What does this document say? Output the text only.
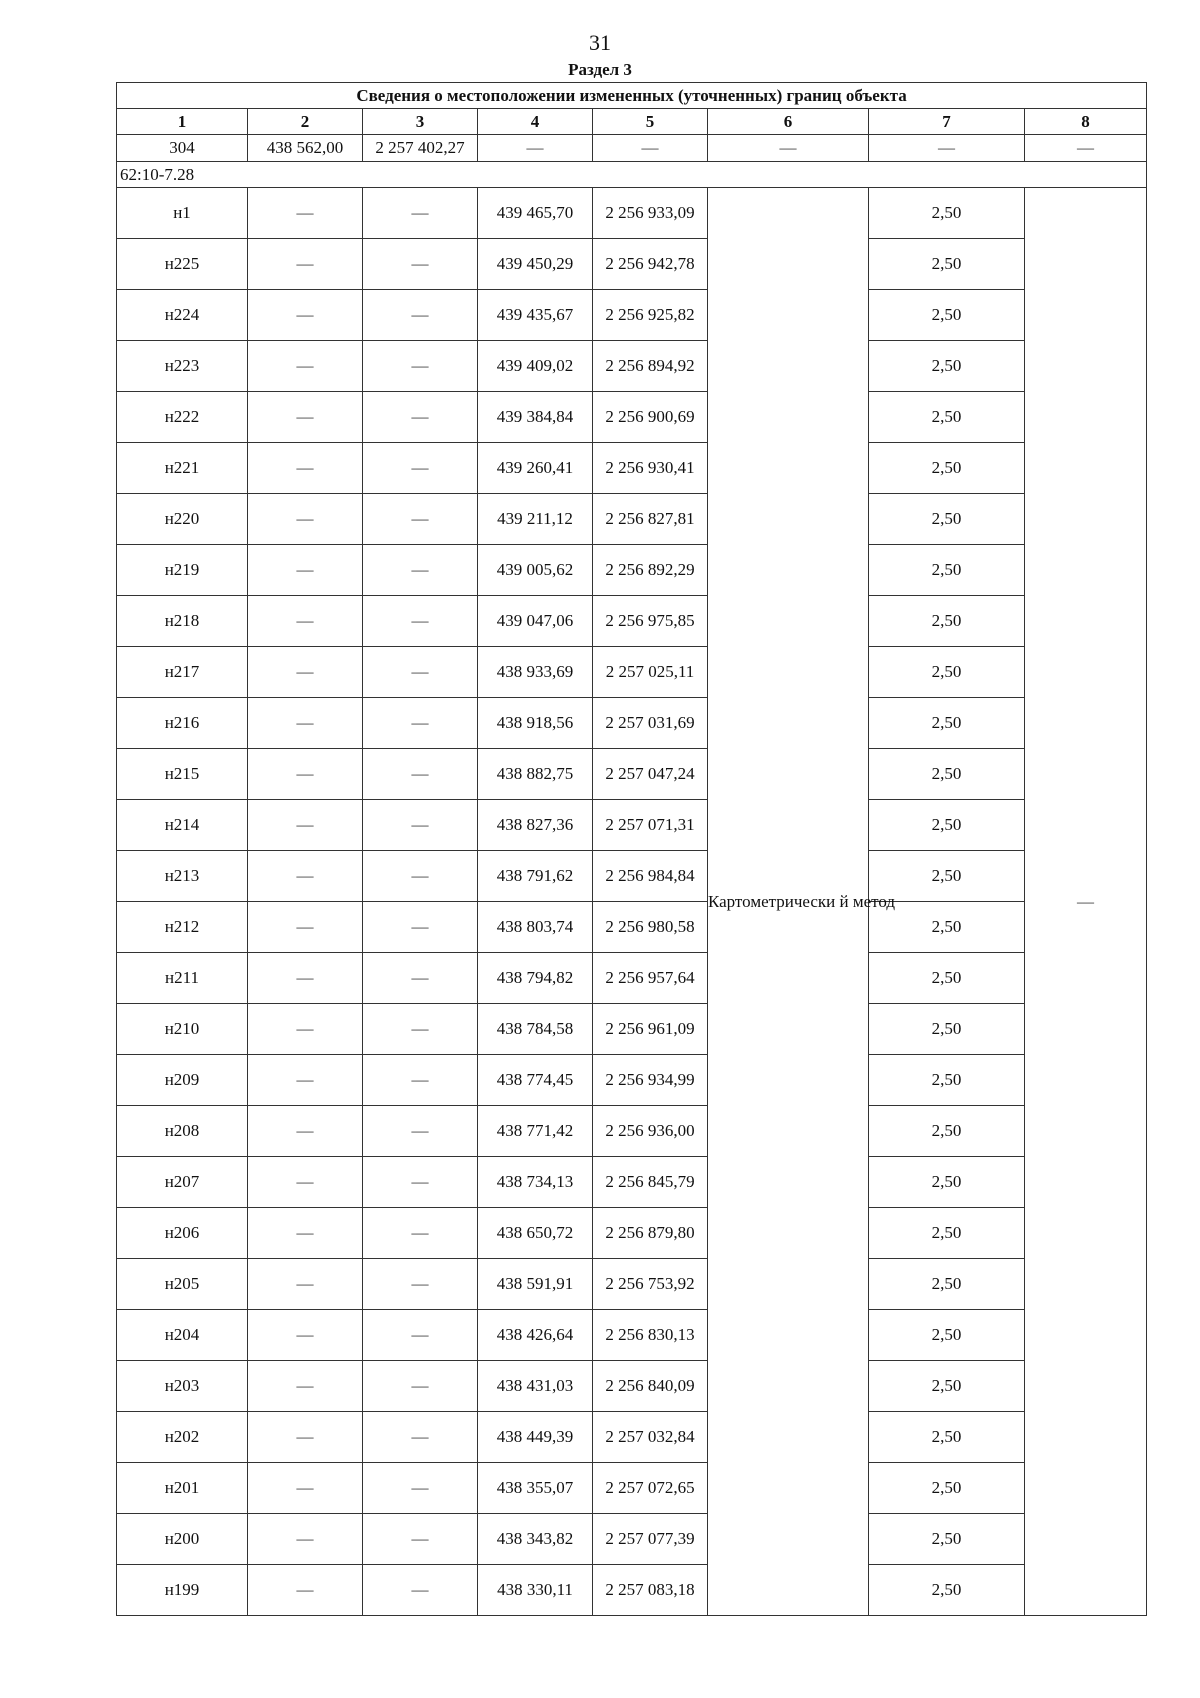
31
Раздел 3
Сведения о местоположении измененных (уточненных) границ объекта							
1	2	3	4	5	6	7	8
304	438 562,00	2 257 402,27	—	—	—	—	—
62:10-7.28							
н1	—	—	439 465,70	2 256 933,09	Картометрически й метод	2,50	—
н225	—	—	439 450,29	2 256 942,78		2,50	
н224	—	—	439 435,67	2 256 925,82		2,50	
н223	—	—	439 409,02	2 256 894,92		2,50	
н222	—	—	439 384,84	2 256 900,69		2,50	
н221	—	—	439 260,41	2 256 930,41		2,50	
н220	—	—	439 211,12	2 256 827,81		2,50	
н219	—	—	439 005,62	2 256 892,29		2,50	
н218	—	—	439 047,06	2 256 975,85		2,50	
н217	—	—	438 933,69	2 257 025,11		2,50	
н216	—	—	438 918,56	2 257 031,69		2,50	
н215	—	—	438 882,75	2 257 047,24		2,50	
н214	—	—	438 827,36	2 257 071,31		2,50	
н213	—	—	438 791,62	2 256 984,84		2,50	
н212	—	—	438 803,74	2 256 980,58		2,50	
н211	—	—	438 794,82	2 256 957,64		2,50	
н210	—	—	438 784,58	2 256 961,09		2,50	
н209	—	—	438 774,45	2 256 934,99		2,50	
н208	—	—	438 771,42	2 256 936,00		2,50	
н207	—	—	438 734,13	2 256 845,79		2,50	
н206	—	—	438 650,72	2 256 879,80		2,50	
н205	—	—	438 591,91	2 256 753,92		2,50	
н204	—	—	438 426,64	2 256 830,13		2,50	
н203	—	—	438 431,03	2 256 840,09		2,50	
н202	—	—	438 449,39	2 257 032,84		2,50	
н201	—	—	438 355,07	2 257 072,65		2,50	
н200	—	—	438 343,82	2 257 077,39		2,50	
н199	—	—	438 330,11	2 257 083,18		2,50	
